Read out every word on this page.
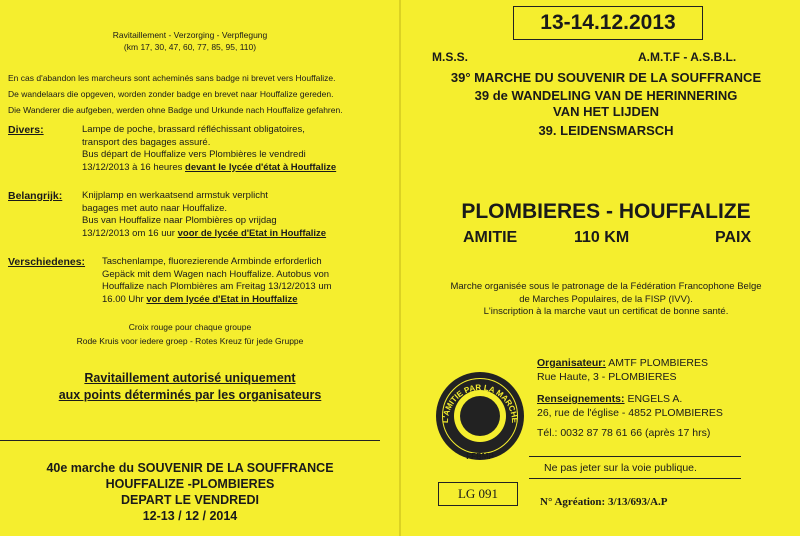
Ravitaillement - Verzorging - Verpflegung
(km 17, 30, 47, 60, 77, 85, 95, 110)
En cas d'abandon les marcheurs sont acheminés sans badge ni brevet vers Houffalize.
De wandelaars die opgeven, worden zonder badge en brevet naar Houffalize gereden.
Die Wanderer die aufgeben, werden ohne Badge und Urkunde nach Houffalize gefahren.
Divers:	Lampe de poche, brassard réfléchissant obligatoires,
transport des bagages assuré.
Bus départ de Houffalize vers Plombières le vendredi
13/12/2013 à 16 heures devant le lycée d'état à Houffalize
Belangrijk: Knijplamp en werkaatsend armstuk verplicht
bagages met auto naar Houffalize.
Bus van Houffalize naar Plombières op vrijdag
13/12/2013 om 16 uur voor de lycée d'Etat in Houffalize
Verschiedenes: Taschenlampe, fluorezierende Armbinde erforderlich
Gepäck mit dem Wagen nach Houffalize. Autobus von
Houffalize nach Plombières am Freitag 13/12/2013 um
16.00 Uhr vor dem lycée d'Etat in Houffalize
Croix rouge pour chaque groupe
Rode Kruis voor iedere groep - Rotes Kreuz für jede Gruppe
Ravitaillement autorisé uniquement
aux points déterminés par les organisateurs
40e marche du SOUVENIR DE LA SOUFFRANCE
HOUFFALIZE -PLOMBIERES
DEPART LE VENDREDI
12-13 / 12 / 2014
13-14.12.2013
M.S.S.	A.M.T.F - A.S.B.L.
39° MARCHE DU SOUVENIR DE LA SOUFFRANCE
39 de WANDELING VAN DE HERINNERING
VAN HET LIJDEN
39. LEIDENSMARSCH
PLOMBIERES - HOUFFALIZE
AMITIE	110 KM	PAIX
Marche organisée sous le patronage de la Fédération Francophone Belge
de Marches Populaires, de la FISP (IVV).
L'inscription à la marche vaut un certificat de bonne santé.
Organisateur: AMTF PLOMBIERES
Rue Haute, 3 - PLOMBIERES
Renseignements: ENGELS A.
26, rue de l'église - 4852 PLOMBIERES
Tél.: 0032 87 78 61 66 (après 17 hrs)
Ne pas jeter sur la voie publique.
L'AMITIE PAR LA MARCHE
FFBMP
LG 091
N° Agréation: 3/13/693/A.P
